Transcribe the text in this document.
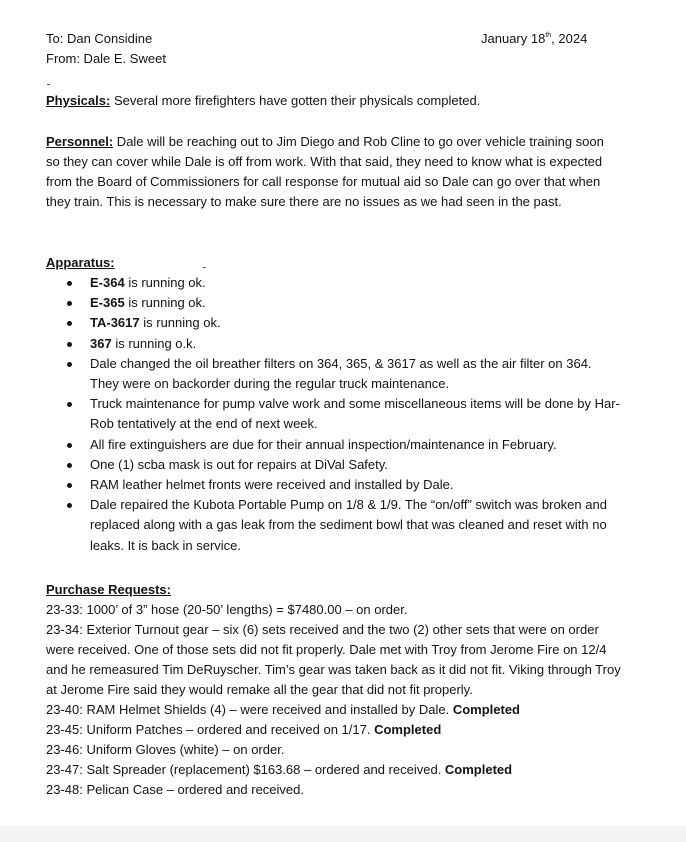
To: Dan Considine
From: Dale E. Sweet
January 18th, 2024

Physicals: Several more firefighters have gotten their physicals completed.

Personnel: Dale will be reaching out to Jim Diego and Rob Cline to go over vehicle training soon so they can cover while Dale is off from work. With that said, they need to know what is expected from the Board of Commissioners for call response for mutual aid so Dale can go over that when they train. This is necessary to make sure there are no issues as we had seen in the past.

Apparatus:
E-364 is running ok.
E-365 is running ok.
TA-3617 is running ok.
367 is running o.k.
Dale changed the oil breather filters on 364, 365, & 3617 as well as the air filter on 364. They were on backorder during the regular truck maintenance.
Truck maintenance for pump valve work and some miscellaneous items will be done by Har-Rob tentatively at the end of next week.
All fire extinguishers are due for their annual inspection/maintenance in February.
One (1) scba mask is out for repairs at DiVal Safety.
RAM leather helmet fronts were received and installed by Dale.
Dale repaired the Kubota Portable Pump on 1/8 & 1/9. The “on/off” switch was broken and replaced along with a gas leak from the sediment bowl that was cleaned and reset with no leaks. It is back in service.
Purchase Requests:
23-33: 1000’ of 3” hose (20-50’ lengths) = $7480.00 – on order.
23-34: Exterior Turnout gear – six (6) sets received and the two (2) other sets that were on order were received. One of those sets did not fit properly. Dale met with Troy from Jerome Fire on 12/4 and he remeasured Tim DeRuyscher. Tim’s gear was taken back as it did not fit. Viking through Troy at Jerome Fire said they would remake all the gear that did not fit properly.
23-40: RAM Helmet Shields (4) – were received and installed by Dale. Completed
23-45: Uniform Patches – ordered and received on 1/17. Completed
23-46: Uniform Gloves (white) – on order.
23-47: Salt Spreader (replacement) $163.68 – ordered and received. Completed
23-48: Pelican Case – ordered and received.
